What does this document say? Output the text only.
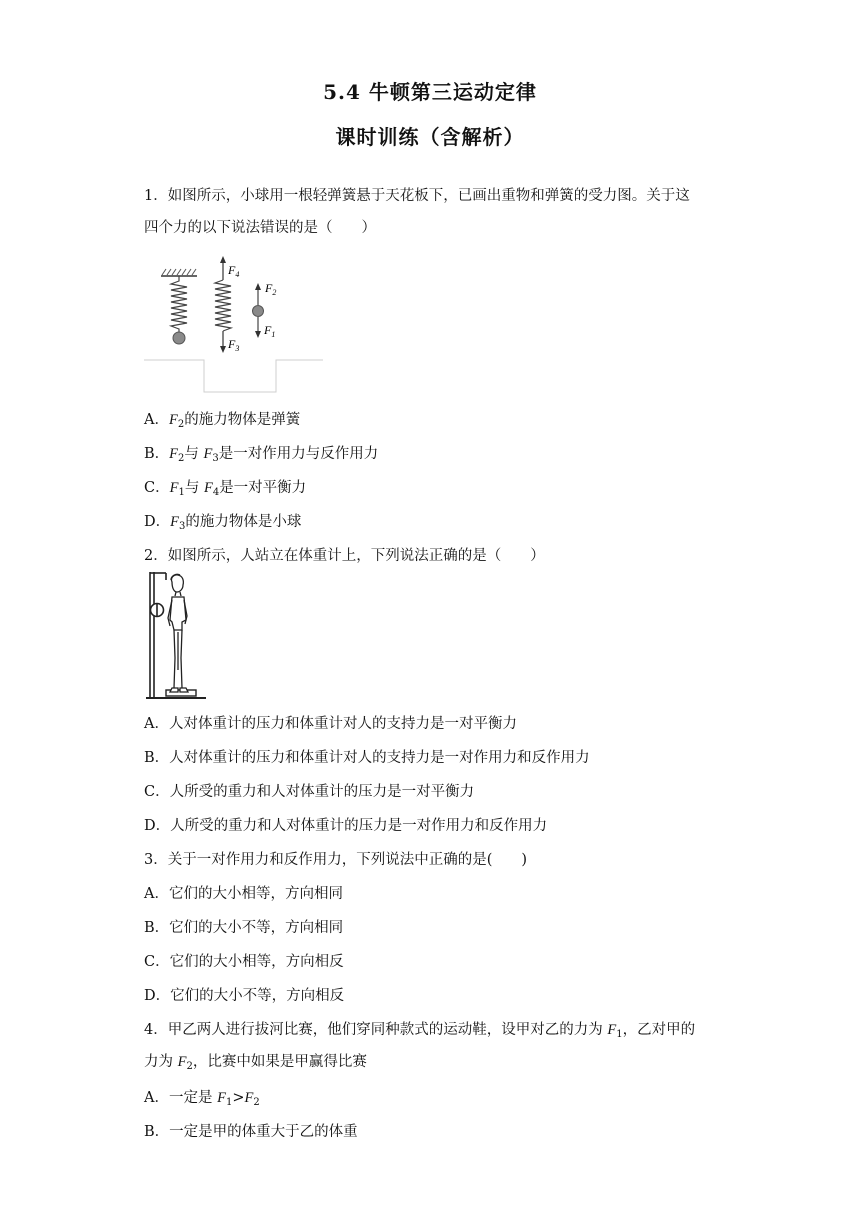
5.4 牛顿第三运动定律
课时训练（含解析）
1．如图所示，小球用一根轻弹簧悬于天花板下，已画出重物和弹簧的受力图。关于这
四个力的以下说法错误的是（　　）
$F_4$
$F_3$
$F_2$
$F_1$
A．$F_2$的施力物体是弹簧
B．$F_2$与 $F_3$是一对作用力与反作用力
C．$F_1$与 $F_4$是一对平衡力
D．$F_3$的施力物体是小球
2．如图所示，人站立在体重计上，下列说法正确的是（　　）
A．人对体重计的压力和体重计对人的支持力是一对平衡力
B．人对体重计的压力和体重计对人的支持力是一对作用力和反作用力
C．人所受的重力和人对体重计的压力是一对平衡力
D．人所受的重力和人对体重计的压力是一对作用力和反作用力
3．关于一对作用力和反作用力，下列说法中正确的是(　　)
A．它们的大小相等，方向相同
B．它们的大小不等，方向相同
C．它们的大小相等，方向相反
D．它们的大小不等，方向相反
4．甲乙两人进行拔河比赛，他们穿同种款式的运动鞋，设甲对乙的力为 $F_1$，乙对甲的
力为 $F_2$，比赛中如果是甲赢得比赛
A．一定是 $F_1>F_2$
B．一定是甲的体重大于乙的体重
